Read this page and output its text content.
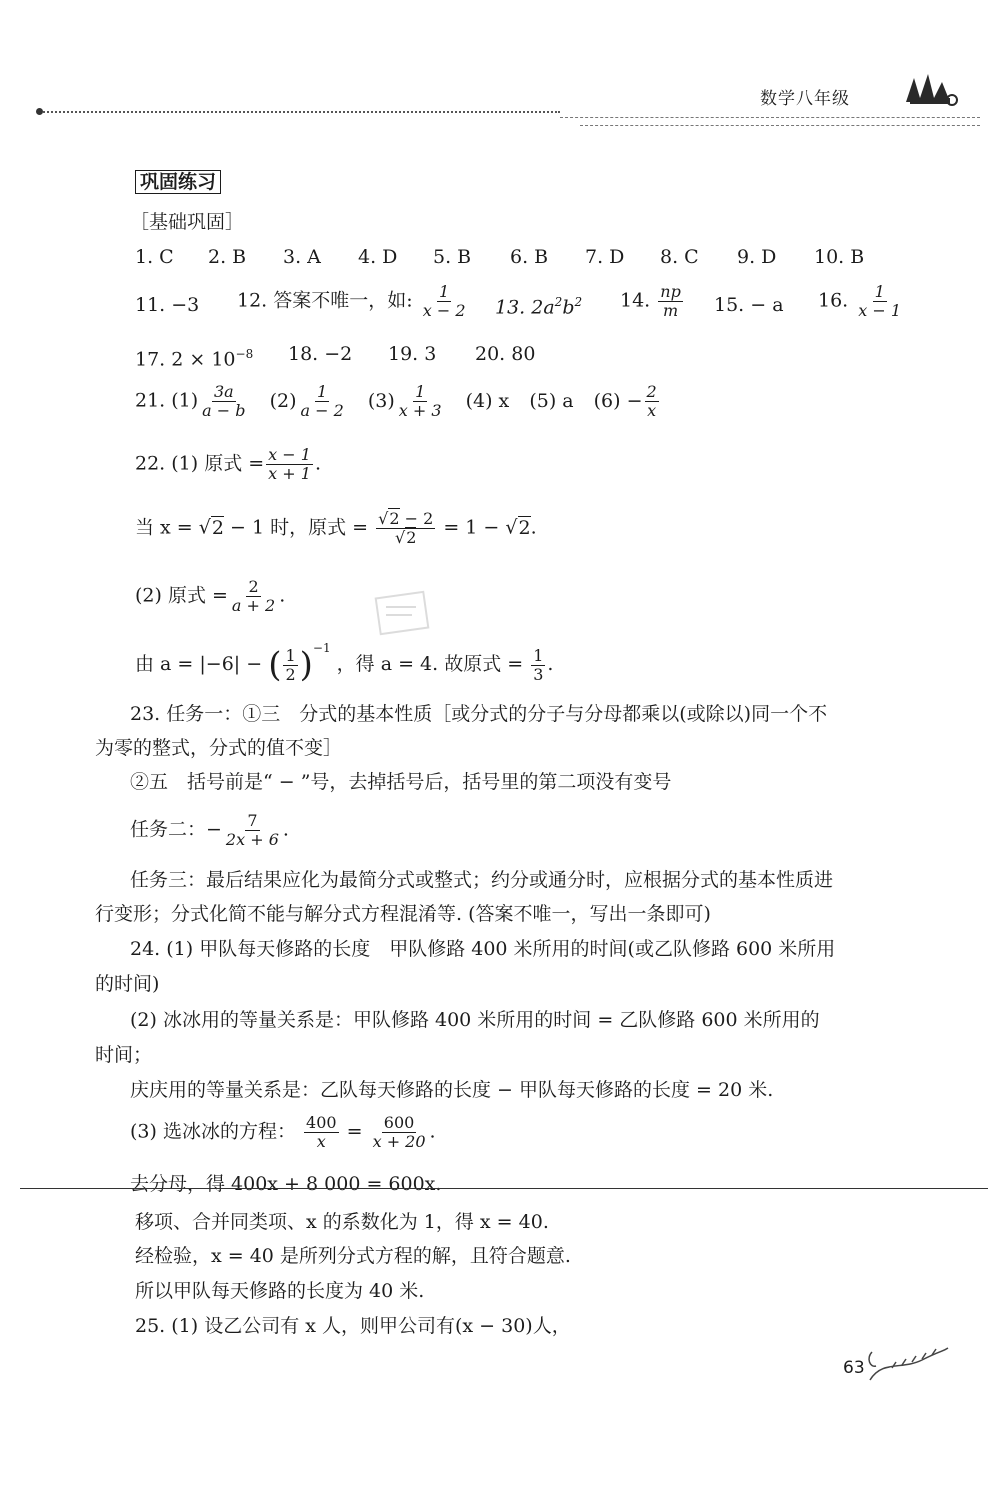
数学八年级
巩固练习
［基础巩固］
1. C 2. B 3. A 4. D 5. B 6. B 7. D 8. C 9. D 10. B
11. −3 12. 答案不唯一，如: $\frac{1}{x - 2} 13$. $2a^2b^2$ 14. $\frac{np}{m} 15$. − a 16. $\frac{1}{x - 1}$
17. $2 \times 10^{-8}$ 18. −2 19. 3 20. 80
21. $(1) \frac{3a}{a - b} (2) \frac{1}{a - 2} (3) \frac{1}{x + 3} (4)$ x (5) a $(6) - \frac{2}{x}$
22. (1) 原式 = $\frac{x - 1}{x + 1}$ .
当 x = √2 − 1 时，原式 = $\frac{√2 - 2}{√2} = 1 - √2$.
(2) 原式 = $\frac{2}{a + 2}$ .
由 a = |−6| − ( $\frac{1}{2} )^{-1}$ ，得 a = 4. 故原式 = $\frac{1}{3}$ .
23. 任务一：①三　分式的基本性质［或分式的分子与分母都乘以(或除以)同一个不
为零的整式，分式的值不变］
②五　括号前是“ − ”号，去掉括号后，括号里的第二项没有变号
任务二：− $\frac{7}{2x + 6}$ .
任务三：最后结果应化为最简分式或整式；约分或通分时，应根据分式的基本性质进
行变形；分式化简不能与解分式方程混淆等. (答案不唯一，写出一条即可)
24. (1) 甲队每天修路的长度　甲队修路 400 米所用的时间(或乙队修路 600 米所用
的时间)
(2) 冰冰用的等量关系是：甲队修路 400 米所用的时间 = 乙队修路 600 米所用的
时间；
庆庆用的等量关系是：乙队每天修路的长度 − 甲队每天修路的长度 = 20 米.
(3) 选冰冰的方程： $\frac{400}{x} = \frac{600}{x + 20}$ .
去分母，得 400x + 8 000 = 600x.
移项、合并同类项、x 的系数化为 1，得 x = 40.
经检验，x = 40 是所列分式方程的解，且符合题意.
所以甲队每天修路的长度为 40 米.
25. (1) 设乙公司有 x 人，则甲公司有(x − 30)人，
63
